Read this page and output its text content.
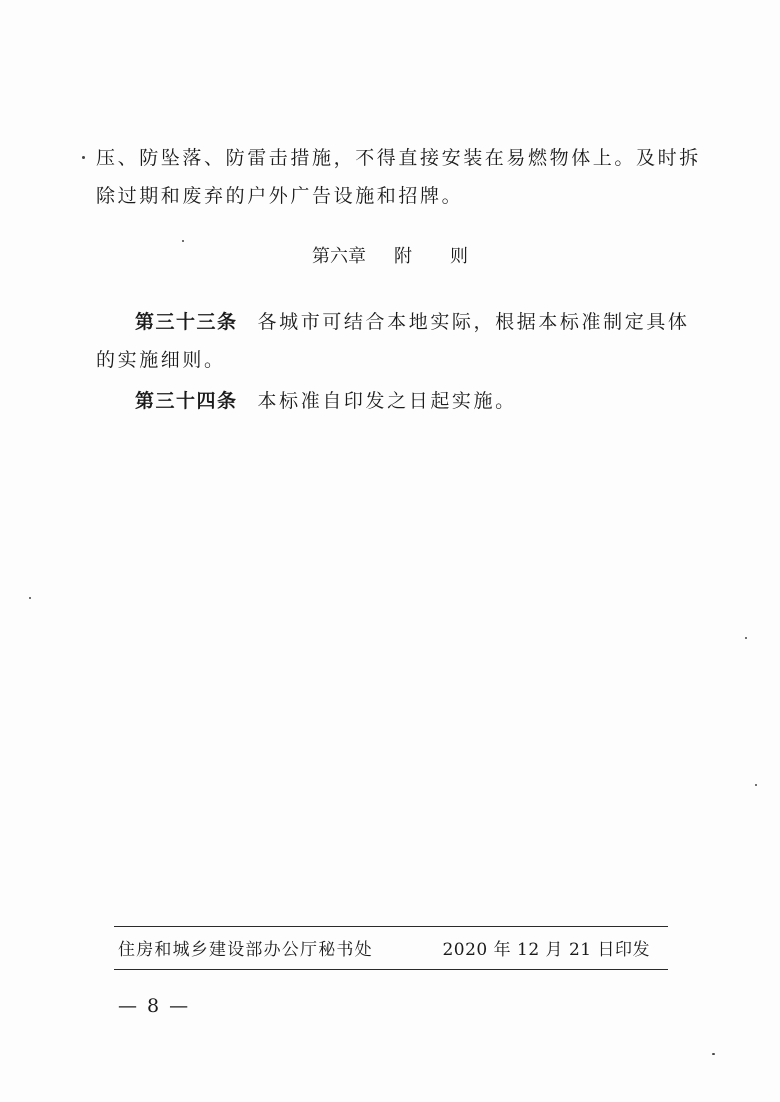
压、防坠落、防雷击措施，不得直接安装在易燃物体上。及时拆
除过期和废弃的户外广告设施和招牌。
第六章 附 则
第三十三条 各城市可结合本地实际，根据本标准制定具体
的实施细则。
第三十四条 本标准自印发之日起实施。
住房和城乡建设部办公厅秘书处	2020 年 12 月 21 日印发
— 8 —
